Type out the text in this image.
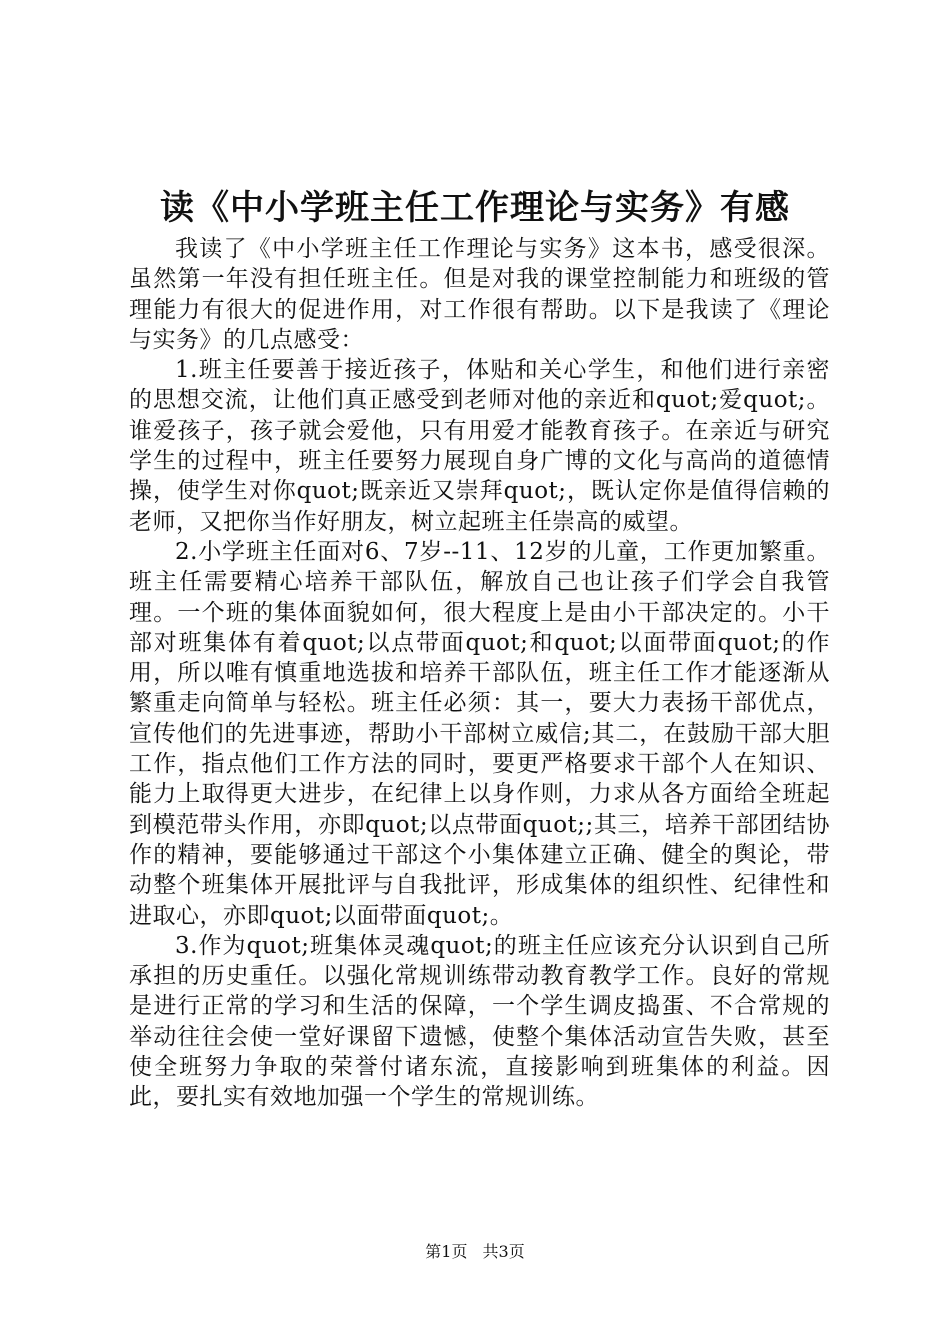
读《中小学班主任工作理论与实务》有感

我读了《中小学班主任工作理论与实务》这本书，感受很深。虽然第一年没有担任班主任。但是对我的课堂控制能力和班级的管理能力有很大的促进作用，对工作很有帮助。以下是我读了《理论与实务》的几点感受：

1.班主任要善于接近孩子，体贴和关心学生，和他们进行亲密的思想交流，让他们真正感受到老师对他的亲近和quot;爱quot;。谁爱孩子，孩子就会爱他，只有用爱才能教育孩子。在亲近与研究学生的过程中，班主任要努力展现自身广博的文化与高尚的道德情操，使学生对你quot;既亲近又崇拜quot;，既认定你是值得信赖的老师，又把你当作好朋友，树立起班主任崇高的威望。

2.小学班主任面对6、7岁--11、12岁的儿童，工作更加繁重。班主任需要精心培养干部队伍，解放自己也让孩子们学会自我管理。一个班的集体面貌如何，很大程度上是由小干部决定的。小干部对班集体有着quot;以点带面quot;和quot;以面带面quot;的作用，所以唯有慎重地选拔和培养干部队伍，班主任工作才能逐渐从繁重走向简单与轻松。班主任必须：其一，要大力表扬干部优点，宣传他们的先进事迹，帮助小干部树立威信;其二，在鼓励干部大胆工作，指点他们工作方法的同时，要更严格要求干部个人在知识、能力上取得更大进步，在纪律上以身作则，力求从各方面给全班起到模范带头作用，亦即quot;以点带面quot;;其三，培养干部团结协作的精神，要能够通过干部这个小集体建立正确、健全的舆论，带动整个班集体开展批评与自我批评，形成集体的组织性、纪律性和进取心，亦即quot;以面带面quot;。

3.作为quot;班集体灵魂quot;的班主任应该充分认识到自己所承担的历史重任。以强化常规训练带动教育教学工作。良好的常规是进行正常的学习和生活的保障，一个学生调皮捣蛋、不合常规的举动往往会使一堂好课留下遗憾，使整个集体活动宣告失败，甚至使全班努力争取的荣誉付诸东流，直接影响到班集体的利益。因此，要扎实有效地加强一个学生的常规训练。

第1页 共3页
